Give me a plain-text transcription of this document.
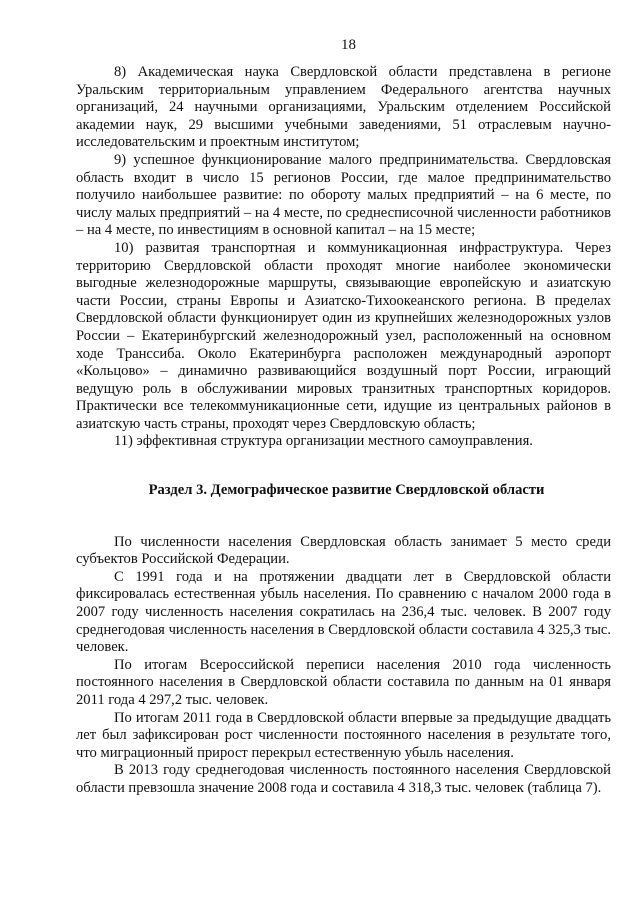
18

8) Академическая наука Свердловской области представлена в регионе Уральским территориальным управлением Федерального агентства научных организаций, 24 научными организациями, Уральским отделением Российской академии наук, 29 высшими учебными заведениями, 51 отраслевым научно-исследовательским и проектным институтом;

9) успешное функционирование малого предпринимательства. Свердловская область входит в число 15 регионов России, где малое предпринимательство получило наибольшее развитие: по обороту малых предприятий – на 6 месте, по числу малых предприятий – на 4 месте, по среднесписочной численности работников – на 4 месте, по инвестициям в основной капитал – на 15 месте;

10) развитая транспортная и коммуникационная инфраструктура. Через территорию Свердловской области проходят многие наиболее экономически выгодные железнодорожные маршруты, связывающие европейскую и азиатскую части России, страны Европы и Азиатско-Тихоокеанского региона. В пределах Свердловской области функционирует один из крупнейших железнодорожных узлов России – Екатеринбургский железнодорожный узел, расположенный на основном ходе Транссиба. Около Екатеринбурга расположен международный аэропорт «Кольцово» – динамично развивающийся воздушный порт России, играющий ведущую роль в обслуживании мировых транзитных транспортных коридоров. Практически все телекоммуникационные сети, идущие из центральных районов в азиатскую часть страны, проходят через Свердловскую область;

11) эффективная структура организации местного самоуправления.

Раздел 3. Демографическое развитие Свердловской области

По численности населения Свердловская область занимает 5 место среди субъектов Российской Федерации.

С 1991 года и на протяжении двадцати лет в Свердловской области фиксировалась естественная убыль населения. По сравнению с началом 2000 года в 2007 году численность населения сократилась на 236,4 тыс. человек. В 2007 году среднегодовая численность населения в Свердловской области составила 4 325,3 тыс. человек.

По итогам Всероссийской переписи населения 2010 года численность постоянного населения в Свердловской области составила по данным на 01 января 2011 года 4 297,2 тыс. человек.

По итогам 2011 года в Свердловской области впервые за предыдущие двадцать лет был зафиксирован рост численности постоянного населения в результате того, что миграционный прирост перекрыл естественную убыль населения.

В 2013 году среднегодовая численность постоянного населения Свердловской области превзошла значение 2008 года и составила 4 318,3 тыс. человек (таблица 7).
